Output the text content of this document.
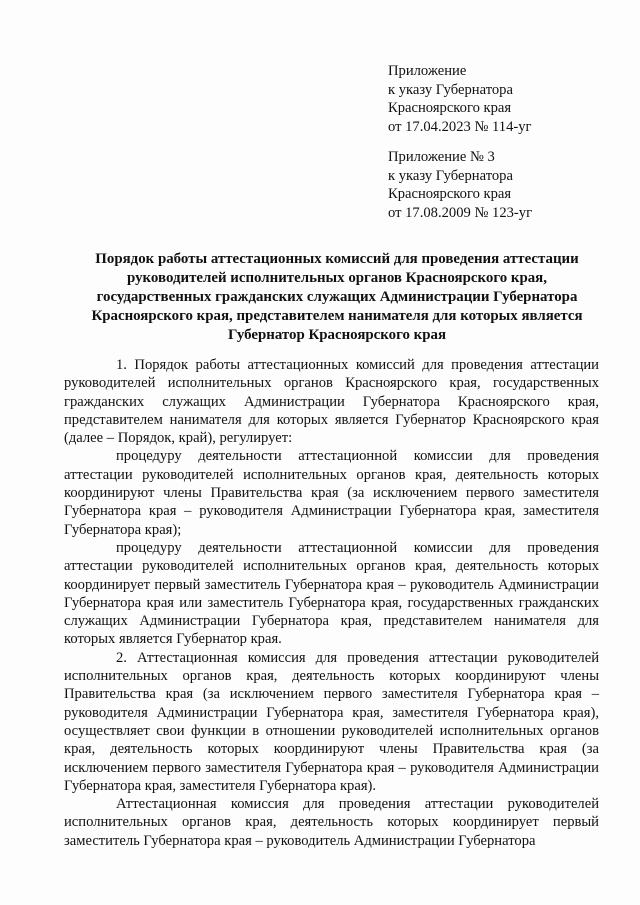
Приложение
к указу Губернатора
Красноярского края
от 17.04.2023 № 114-уг
Приложение № 3
к указу Губернатора
Красноярского края
от 17.08.2009 № 123-уг
Порядок работы аттестационных комиссий для проведения аттестации руководителей исполнительных органов Красноярского края, государственных гражданских служащих Администрации Губернатора Красноярского края, представителем нанимателя для которых является Губернатор Красноярского края

1. Порядок работы аттестационных комиссий для проведения аттестации руководителей исполнительных органов Красноярского края, государственных гражданских служащих Администрации Губернатора Красноярского края, представителем нанимателя для которых является Губернатор Красноярского края (далее – Порядок, край), регулирует:

процедуру деятельности аттестационной комиссии для проведения аттестации руководителей исполнительных органов края, деятельность которых координируют члены Правительства края (за исключением первого заместителя Губернатора края – руководителя Администрации Губернатора края, заместителя Губернатора края);

процедуру деятельности аттестационной комиссии для проведения аттестации руководителей исполнительных органов края, деятельность которых координирует первый заместитель Губернатора края – руководитель Администрации Губернатора края или заместитель Губернатора края, государственных гражданских служащих Администрации Губернатора края, представителем нанимателя для которых является Губернатор края.

2. Аттестационная комиссия для проведения аттестации руководителей исполнительных органов края, деятельность которых координируют члены Правительства края (за исключением первого заместителя Губернатора края – руководителя Администрации Губернатора края, заместителя Губернатора края), осуществляет свои функции в отношении руководителей исполнительных органов края, деятельность которых координируют члены Правительства края (за исключением первого заместителя Губернатора края – руководителя Администрации Губернатора края, заместителя Губернатора края).

Аттестационная комиссия для проведения аттестации руководителей исполнительных органов края, деятельность которых координирует первый заместитель Губернатора края – руководитель Администрации Губернатора
